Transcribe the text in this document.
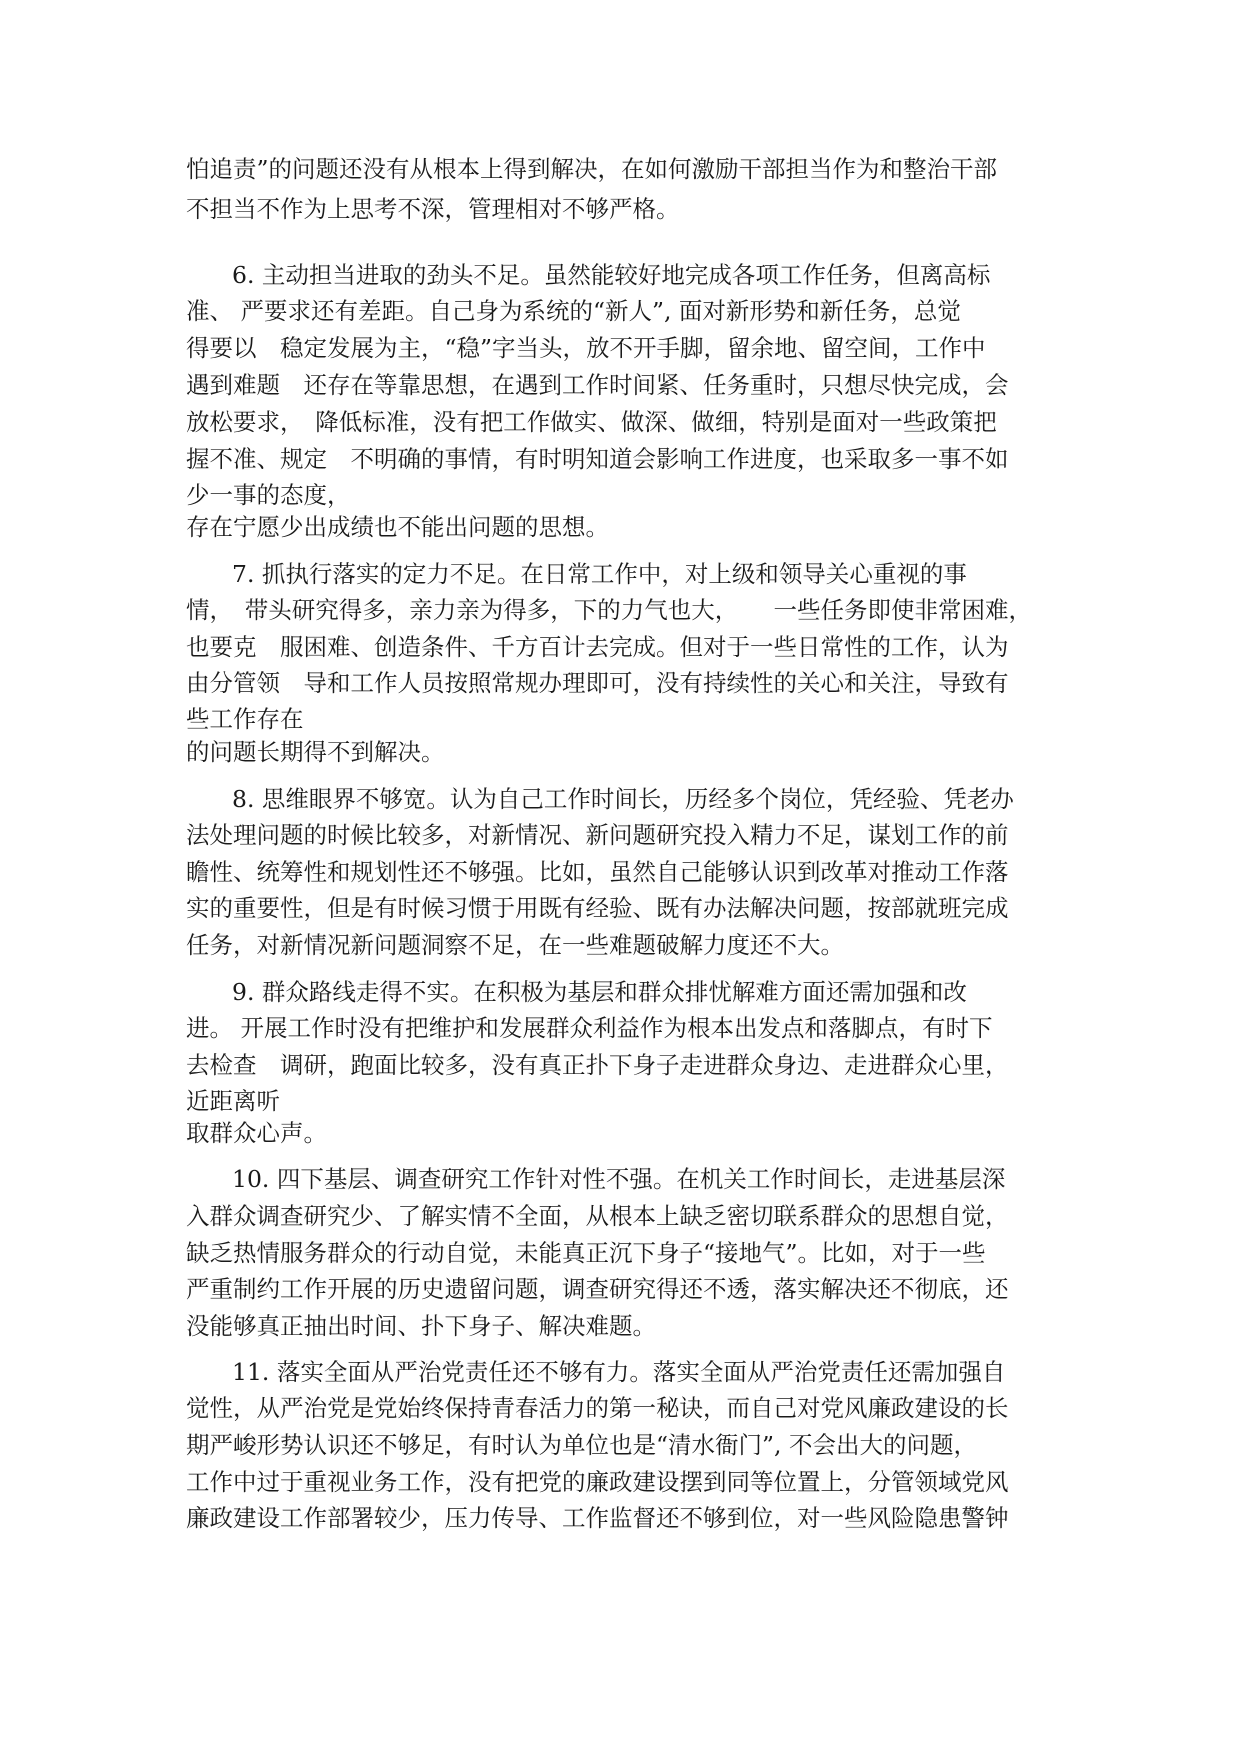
怕追责”的问题还没有从根本上得到解决，在如何激励干部担当作为和整治干部
不担当不作为上思考不深，管理相对不够严格。
6. 主动担当进取的劲头不足。虽然能较好地完成各项工作任务，但离高标
准、 严要求还有差距。自己身为系统的“新人”, 面对新形势和新任务，总觉
得要以　稳定发展为主，“稳”字当头，放不开手脚，留余地、留空间，工作中
遇到难题　还存在等靠思想，在遇到工作时间紧、任务重时，只想尽快完成，会
放松要求，　降低标准，没有把工作做实、做深、做细，特别是面对一些政策把
握不准、规定　不明确的事情，有时明知道会影响工作进度，也采取多一事不如
少一事的态度，
存在宁愿少出成绩也不能出问题的思想。
7. 抓执行落实的定力不足。在日常工作中，对上级和领导关心重视的事
情，　带头研究得多，亲力亲为得多，下的力气也大，　　一些任务即使非常困难，
也要克　服困难、创造条件、千方百计去完成。但对于一些日常性的工作，认为
由分管领　导和工作人员按照常规办理即可，没有持续性的关心和关注，导致有
些工作存在
的问题长期得不到解决。
8. 思维眼界不够宽。认为自己工作时间长，历经多个岗位，凭经验、凭老办
法处理问题的时候比较多，对新情况、新问题研究投入精力不足，谋划工作的前
瞻性、统筹性和规划性还不够强。比如，虽然自己能够认识到改革对推动工作落
实的重要性，但是有时候习惯于用既有经验、既有办法解决问题，按部就班完成
任务，对新情况新问题洞察不足，在一些难题破解力度还不大。
9. 群众路线走得不实。在积极为基层和群众排忧解难方面还需加强和改
进。 开展工作时没有把维护和发展群众利益作为根本出发点和落脚点，有时下
去检查　调研，跑面比较多，没有真正扑下身子走进群众身边、走进群众心里，
近距离听
取群众心声。
10. 四下基层、调查研究工作针对性不强。在机关工作时间长，走进基层深
入群众调查研究少、了解实情不全面，从根本上缺乏密切联系群众的思想自觉，
缺乏热情服务群众的行动自觉，未能真正沉下身子“接地气”。比如，对于一些
严重制约工作开展的历史遗留问题，调查研究得还不透，落实解决还不彻底，还
没能够真正抽出时间、扑下身子、解决难题。
11. 落实全面从严治党责任还不够有力。落实全面从严治党责任还需加强自
觉性，从严治党是党始终保持青春活力的第一秘诀，而自己对党风廉政建设的长
期严峻形势认识还不够足，有时认为单位也是“清水衙门”, 不会出大的问题，
工作中过于重视业务工作，没有把党的廉政建设摆到同等位置上，分管领域党风
廉政建设工作部署较少，压力传导、工作监督还不够到位，对一些风险隐患警钟
